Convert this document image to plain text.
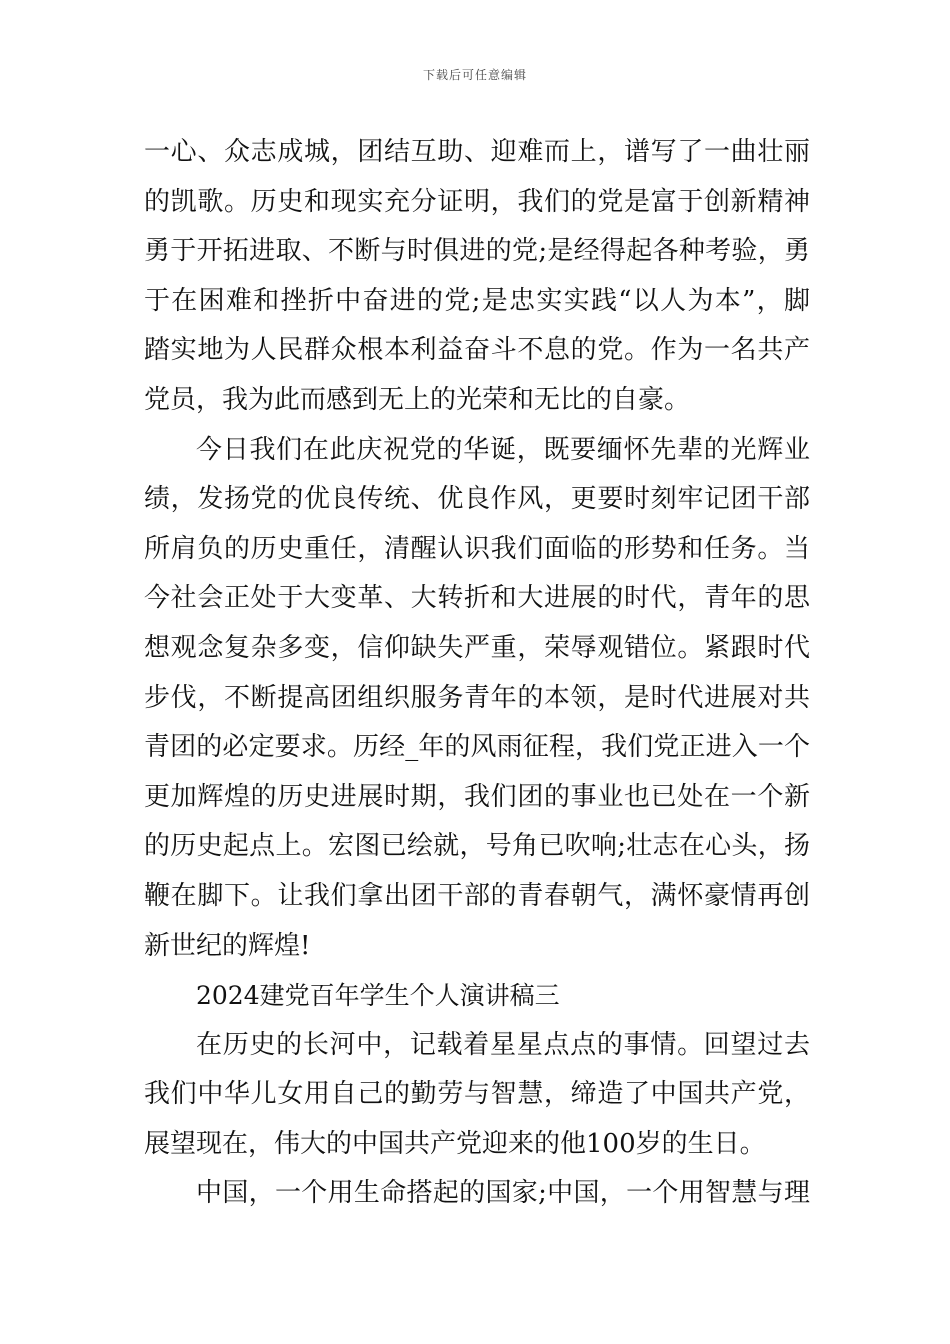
下载后可任意编辑
一心、众志成城，团结互助、迎难而上，谱写了一曲壮丽
的凯歌。历史和现实充分证明，我们的党是富于创新精神
勇于开拓进取、不断与时俱进的党;是经得起各种考验，勇
于在困难和挫折中奋进的党;是忠实实践“以人为本”，脚
踏实地为人民群众根本利益奋斗不息的党。作为一名共产
党员，我为此而感到无上的光荣和无比的自豪。
今日我们在此庆祝党的华诞，既要缅怀先辈的光辉业
绩，发扬党的优良传统、优良作风，更要时刻牢记团干部
所肩负的历史重任，清醒认识我们面临的形势和任务。当
今社会正处于大变革、大转折和大进展的时代，青年的思
想观念复杂多变，信仰缺失严重，荣辱观错位。紧跟时代
步伐，不断提高团组织服务青年的本领，是时代进展对共
青团的必定要求。历经_年的风雨征程，我们党正进入一个
更加辉煌的历史进展时期，我们团的事业也已处在一个新
的历史起点上。宏图已绘就，号角已吹响;壮志在心头，扬
鞭在脚下。让我们拿出团干部的青春朝气，满怀豪情再创
新世纪的辉煌!
2024建党百年学生个人演讲稿三
在历史的长河中，记载着星星点点的事情。回望过去
我们中华儿女用自己的勤劳与智慧，缔造了中国共产党，
展望现在，伟大的中国共产党迎来的他100岁的生日。
中国，一个用生命搭起的国家;中国，一个用智慧与理
